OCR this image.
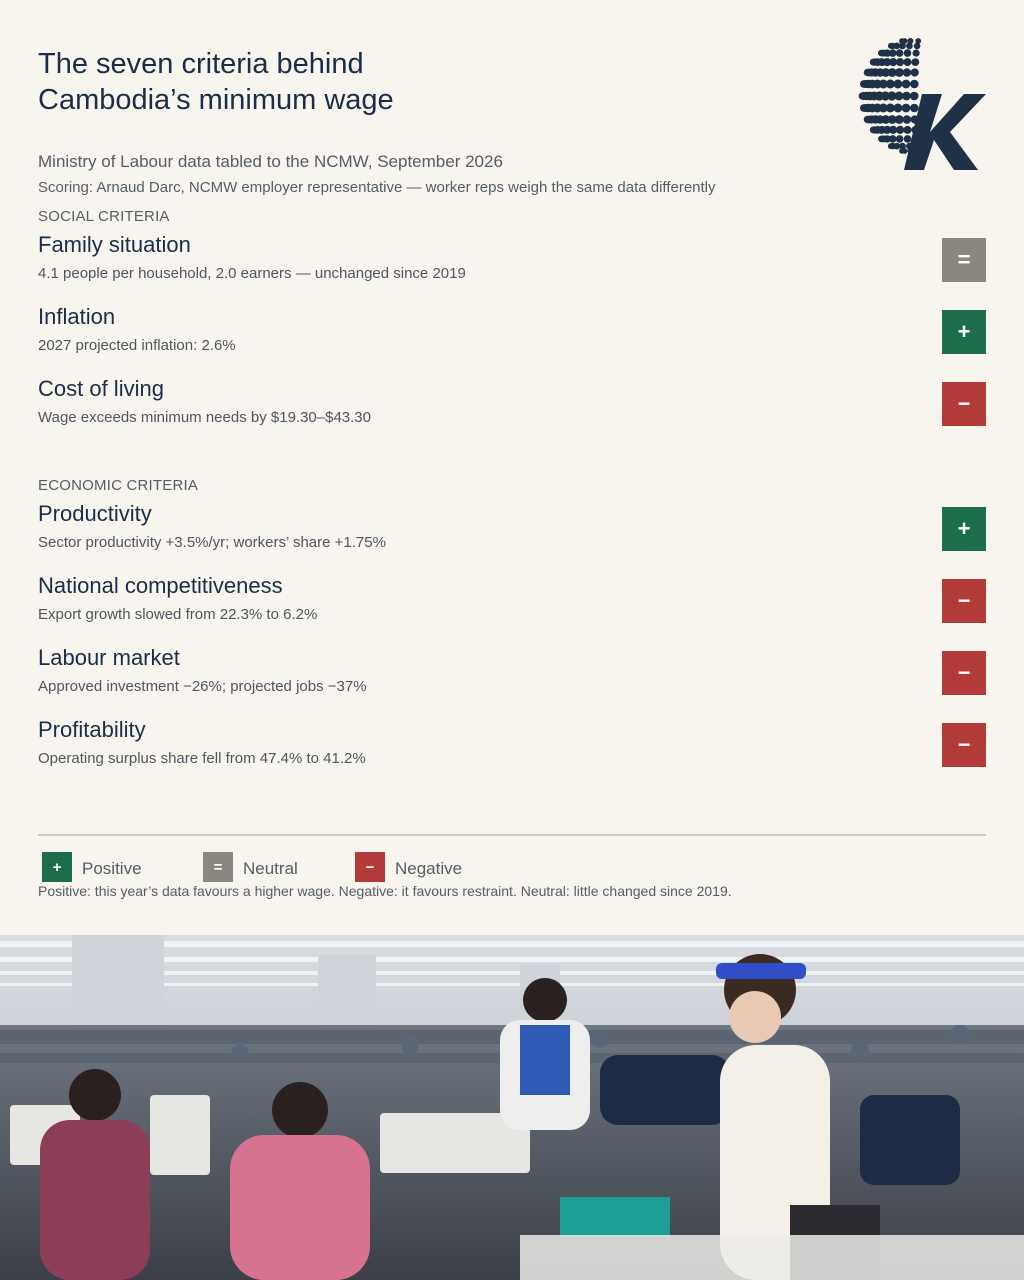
The seven criteria behind
Cambodia’s minimum wage
Ministry of Labour data tabled to the NCMW, September 2026
Scoring: Arnaud Darc, NCMW employer representative — worker reps weigh the same data differently
SOCIAL CRITERIA
Family situation
4.1 people per household, 2.0 earners — unchanged since 2019
=
Inflation
2027 projected inflation: 2.6%
+
Cost of living
Wage exceeds minimum needs by $19.30–$43.30
−
ECONOMIC CRITERIA
Productivity
Sector productivity +3.5%/yr; workers’ share +1.75%
+
National competitiveness
Export growth slowed from 22.3% to 6.2%
−
Labour market
Approved investment −26%; projected jobs −37%
−
Profitability
Operating surplus share fell from 47.4% to 41.2%
−
+	Positive	=	Neutral	−	Negative
Positive: this year’s data favours a higher wage. Negative: it favours restraint. Neutral: little changed since 2019.
